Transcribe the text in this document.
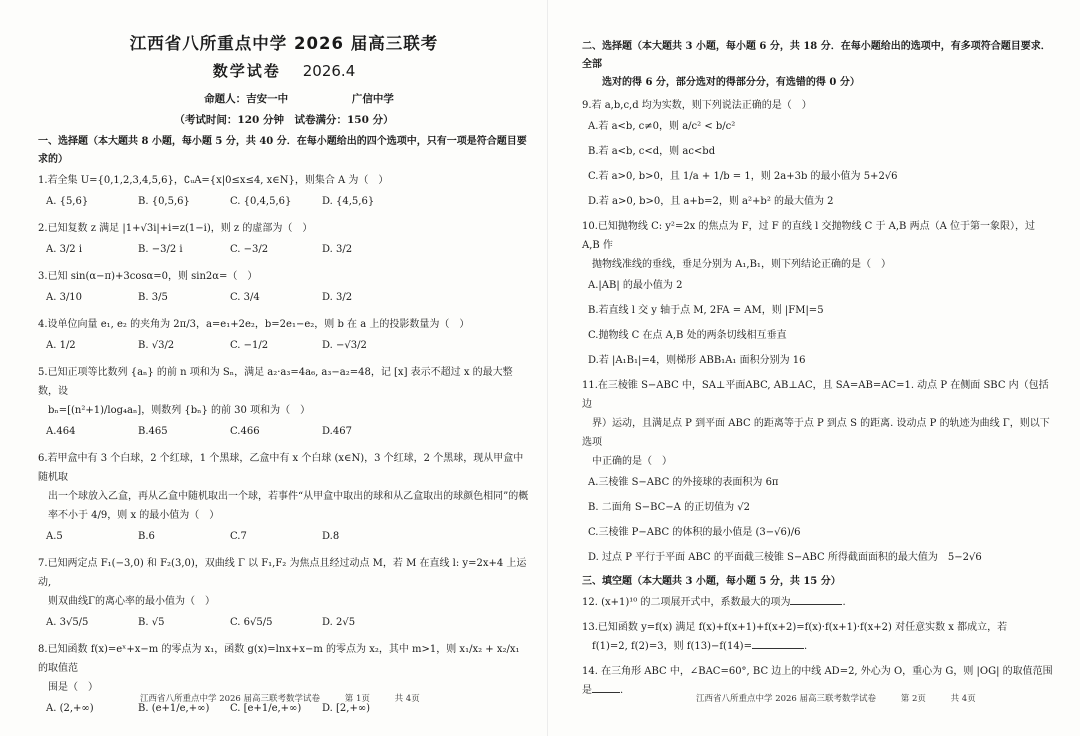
江西省八所重点中学 2026 届高三联考
数学试卷 2026.4
命题人：吉安一中	广信中学
（考试时间：120 分钟　试卷满分：150 分）
一、选择题（本大题共 8 小题，每小题 5 分，共 40 分．在每小题给出的四个选项中，只有一项是符合题目要求的）

1.若全集 U={0,1,2,3,4,5,6}，∁ᵤA={x|0≤x≤4, x∈N}，则集合 A 为（　）

A. {5,6}	B. {0,5,6}	C. {0,4,5,6}	D. {4,5,6}

2.已知复数 z 满足 |1+√3i|+i=z(1−i)，则 z 的虚部为（　）

A. 3/2 i	B. −3/2 i	C. −3/2	D. 3/2

3.已知 sin(α−π)+3cosα=0，则 sin2α=（　）

A. 3/10	B. 3/5	C. 3/4	D. 3/2

4.设单位向量 e₁, e₂ 的夹角为 2π/3，a=e₁+2e₂，b=2e₁−e₂，则 b 在 a 上的投影数量为（　）

A. 1/2	B. √3/2	C. −1/2	D. −√3/2

5.已知正项等比数列 {aₙ} 的前 n 项和为 Sₙ，满足 a₂·a₃=4a₆, a₃−a₂=48，记 [x] 表示不超过 x 的最大整数，设
bₙ=[(n²+1)/log₄aₙ]，则数列 {bₙ} 的前 30 项和为（　）

A.464	B.465	C.466	D.467

6.若甲盒中有 3 个白球，2 个红球，1 个黑球，乙盒中有 x 个白球 (x∈N)，3 个红球，2 个黑球，现从甲盒中随机取
出一个球放入乙盒，再从乙盒中随机取出一个球，若事件“从甲盒中取出的球和从乙盒取出的球颜色相同”的概
率不小于 4/9，则 x 的最小值为（　）

A.5	B.6	C.7	D.8

7.已知两定点 F₁(−3,0) 和 F₂(3,0)，双曲线 Γ 以 F₁,F₂ 为焦点且经过动点 M，若 M 在直线 l: y=2x+4 上运动,
则双曲线Γ的离心率的最小值为（　）

A. 3√5/5	B. √5	C. 6√5/5	D. 2√5

8.已知函数 f(x)=eˣ+x−m 的零点为 x₁，函数 g(x)=lnx+x−m 的零点为 x₂，其中 m>1，则 x₁/x₂ + x₂/x₁ 的取值范
围是（　）

A. (2,+∞)	B. (e+1/e,+∞)	C. [e+1/e,+∞)	D. [2,+∞)
江西省八所重点中学 2026 届高三联考数学试卷	第 1页	共 4页
二、选择题（本大题共 3 小题，每小题 6 分，共 18 分．在每小题给出的选项中，有多项符合题目要求．全部
选对的得 6 分，部分选对的得部分分，有选错的得 0 分）

9.若 a,b,c,d 均为实数，则下列说法正确的是（　）

A.若 a<b, c≠0，则 a/c² < b/c²
B.若 a<b, c<d，则 ac<bd
C.若 a>0, b>0，且 1/a + 1/b = 1，则 2a+3b 的最小值为 5+2√6
D.若 a>0, b>0，且 a+b=2，则 a²+b² 的最大值为 2

10.已知抛物线 C: y²=2x 的焦点为 F，过 F 的直线 l 交抛物线 C 于 A,B 两点（A 位于第一象限），过 A,B 作
抛物线准线的垂线，垂足分别为 A₁,B₁，则下列结论正确的是（　）

A.|AB| 的最小值为 2
B.若直线 l 交 y 轴于点 M, 2FA = AM，则 |FM|=5
C.抛物线 C 在点 A,B 处的两条切线相互垂直
D.若 |A₁B₁|=4，则梯形 ABB₁A₁ 面积分别为 16

11.在三棱锥 S−ABC 中，SA⊥平面ABC, AB⊥AC，且 SA=AB=AC=1. 动点 P 在侧面 SBC 内（包括边
界）运动，且满足点 P 到平面 ABC 的距离等于点 P 到点 S 的距离. 设动点 P 的轨迹为曲线 Γ，则以下选项
中正确的是（　）

A.三棱锥 S−ABC 的外接球的表面积为 6π
B. 二面角 S−BC−A 的正切值为 √2
C.三棱锥 P−ABC 的体积的最小值是 (3−√6)/6
D. 过点 P 平行于平面 ABC 的平面截三棱锥 S−ABC 所得截面面积的最大值为　5−2√6
三、填空题（本大题共 3 小题，每小题 5 分，共 15 分）

12. (x+1)¹⁰ 的二项展开式中，系数最大的项为	.

13.已知函数 y=f(x) 满足 f(x)+f(x+1)+f(x+2)=f(x)·f(x+1)·f(x+2) 对任意实数 x 都成立，若
f(1)=2, f(2)=3，则 f(13)−f(14)=	.

14. 在三角形 ABC 中，∠BAC=60°, BC 边上的中线 AD=2, 外心为 O，重心为 G，则 |OG| 的取值范围是	.

江西省八所重点中学 2026 届高三联考数学试卷	第 2页	共 4页
